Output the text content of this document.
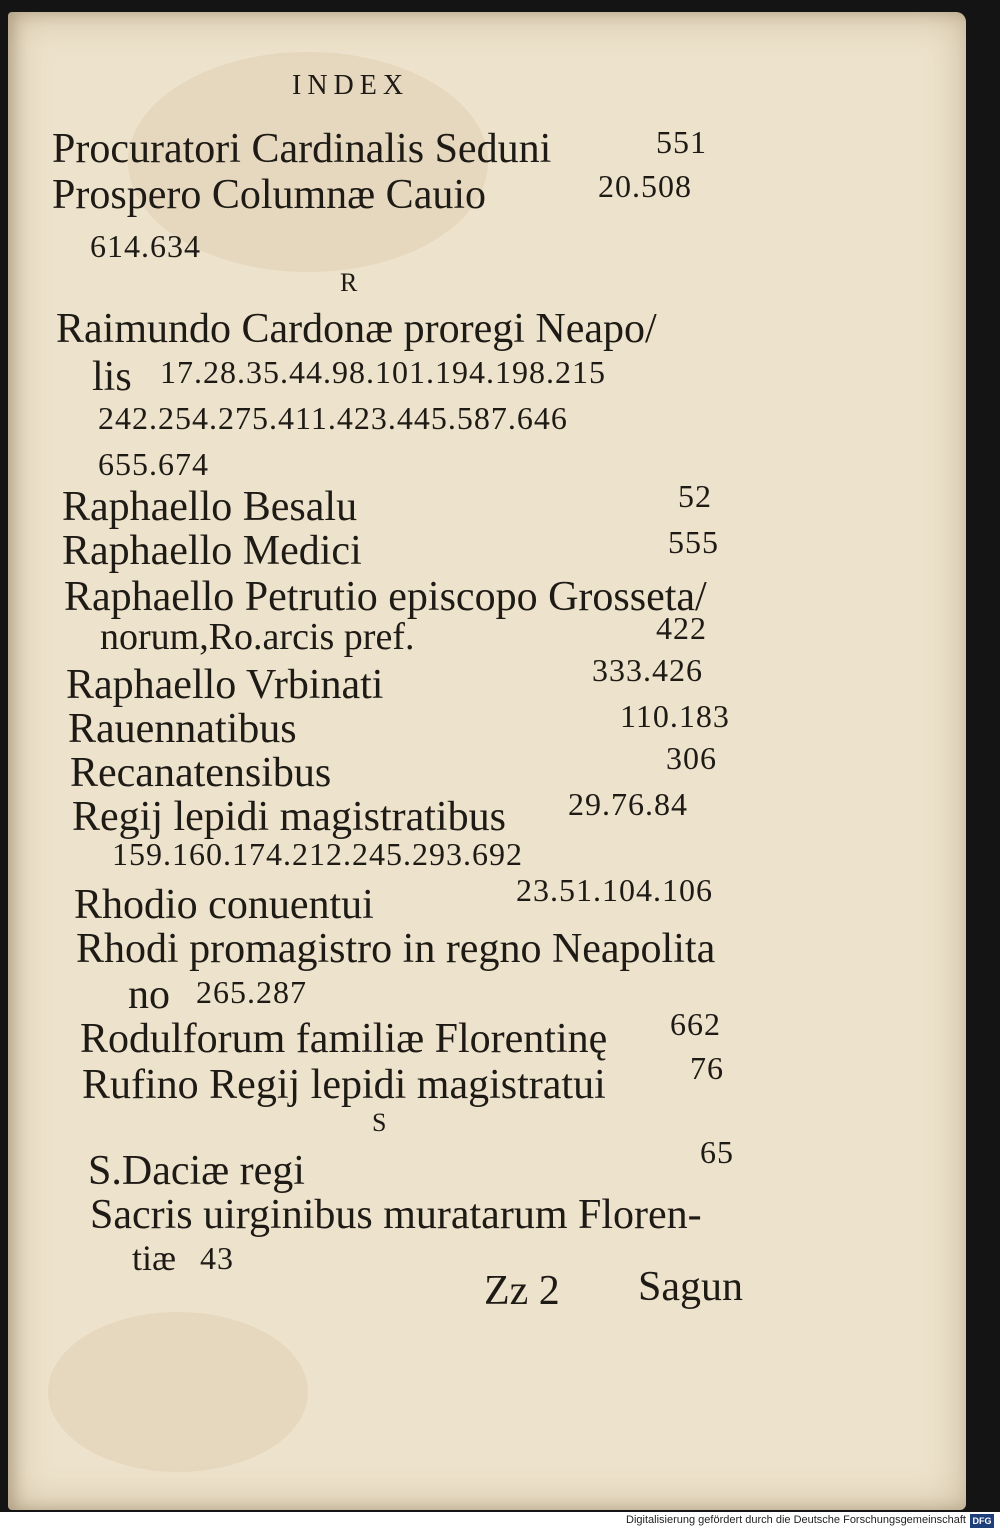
INDEX
Procuratori Cardinalis Seduni	551
Prospero Columnæ Cauio	20.508
614.634
R
Raimundo Cardonæ proregi Neapo/
lis 17.28.35.44.98.101.194.198.215
242.254.275.411.423.445.587.646
655.674
Raphaello Besalu	52
Raphaello Medici	555
Raphaello Petrutio episcopo Grosseta/
norum,Ro.arcis pref.	422
Raphaello Vrbinati	333.426
Rauennatibus	110.183
Recanatensibus	306
Regij lepidi magistratibus 29.76.84
159.160.174.212.245.293.692
Rhodio conuentui	23.51.104.106
Rhodi promagistro in regno Neapolita
no 265.287
Rodulforum familiæ Florentinę 662
Rufino Regij lepidi magistratui	76
S
S.Daciæ regi	65
Sacris uirginibus muratarum Floren-
tiæ 43
Zz 2 Sagun
Digitalisierung gefördert durch die Deutsche Forschungsgemeinschaft DFG
